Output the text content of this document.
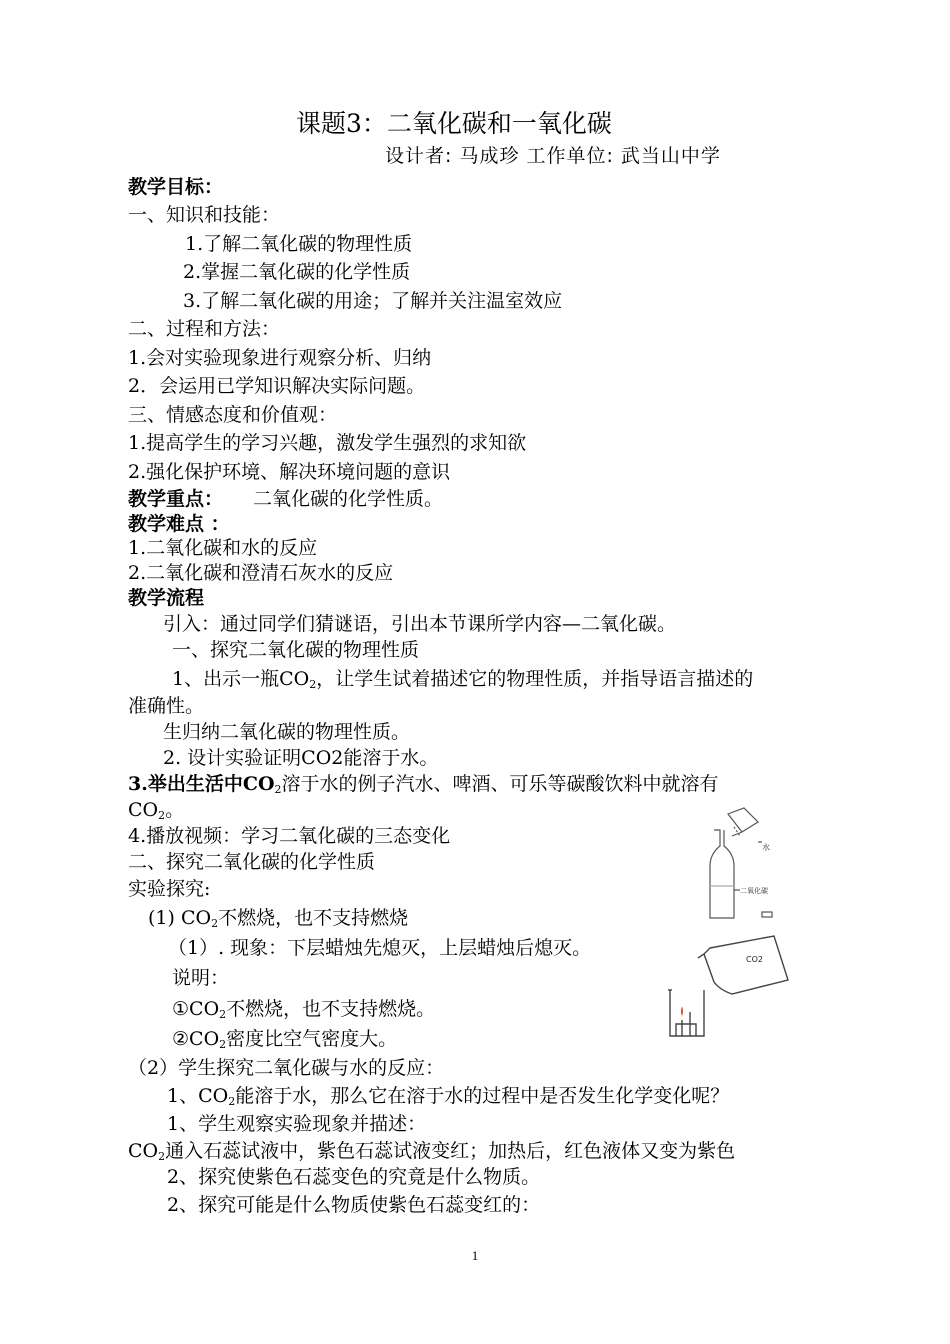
课题3：二氧化碳和一氧化碳
设计者: 马成珍 工作单位: 武当山中学
教学目标：
一、知识和技能：
1.了解二氧化碳的物理性质
2.掌握二氧化碳的化学性质
3.了解二氧化碳的用途；了解并关注温室效应
二、过程和方法：
1.会对实验现象进行观察分析、归纳
2．会运用已学知识解决实际问题。
三、情感态度和价值观：
1.提高学生的学习兴趣，激发学生强烈的求知欲
2.强化保护环境、解决环境问题的意识
教学重点： 二氧化碳的化学性质。
教学难点 ：
1.二氧化碳和水的反应
2.二氧化碳和澄清石灰水的反应
教学流程
引入：通过同学们猜谜语，引出本节课所学内容—二氧化碳。
一、探究二氧化碳的物理性质
1、出示一瓶$CO_2$，让学生试着描述它的物理性质，并指导语言描述的
准确性。
生归纳二氧化碳的物理性质。
2. 设计实验证明CO2能溶于水。
3.举出生活中$CO_2$溶于水的例子汽水、啤酒、可乐等碳酸饮料中就溶有
$CO_2$。
4.播放视频：学习二氧化碳的三态变化
二、探究二氧化碳的化学性质
实验探究:
(1) $CO_2$不燃烧，也不支持燃烧
（1）. 现象：下层蜡烛先熄灭，上层蜡烛后熄灭。
说明：
$①CO_2$不燃烧，也不支持燃烧。
$②CO_2$密度比空气密度大。
（2）学生探究二氧化碳与水的反应：
1、$CO_2$能溶于水，那么它在溶于水的过程中是否发生化学变化呢？
1、学生观察实验现象并描述：
$CO_2$通入石蕊试液中，紫色石蕊试液变红；加热后，红色液体又变为紫色
2、探究使紫色石蕊变色的究竟是什么物质。
2、探究可能是什么物质使紫色石蕊变红的：
水
二氧化碳
CO2
1
